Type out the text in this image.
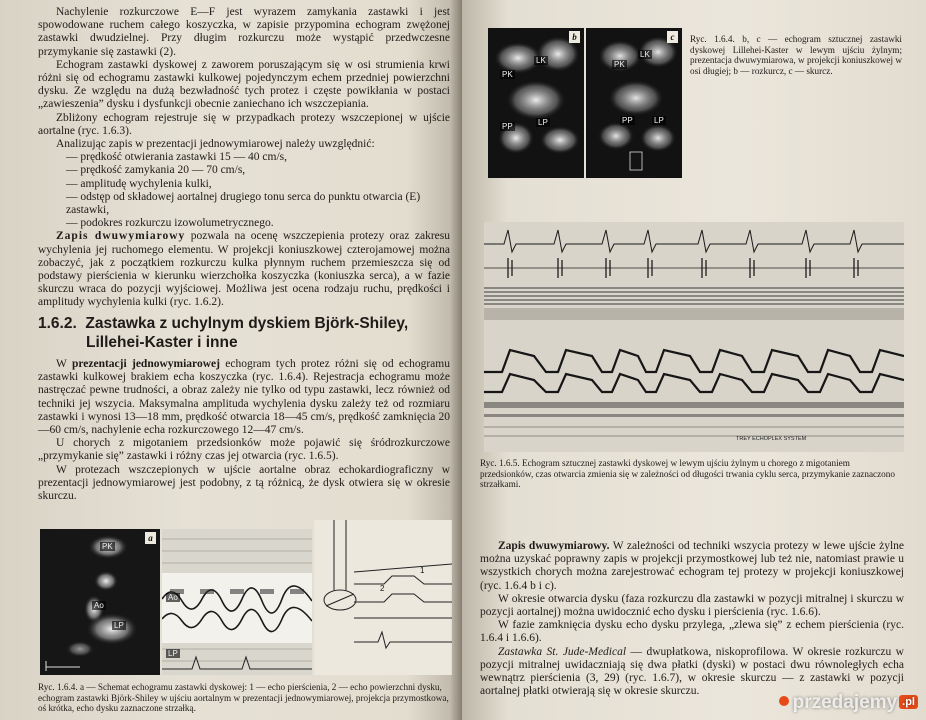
Nachylenie rozkurczowe E—F jest wyrazem zamykania zastawki i jest spowodowane ruchem całego koszyczka, w zapisie przypomina echogram zwężonej zastawki dwudzielnej. Przy długim rozkurczu może wystąpić przedwczesne przymykanie się zastawki (2).

Echogram zastawki dyskowej z zaworem poruszającym się w osi strumienia krwi różni się od echogramu zastawki kulkowej pojedynczym echem przedniej powierzchni dysku. Ze względu na dużą bezwładność tych protez i częste powikłania w postaci „zawieszenia” dysku i dysfunkcji obecnie zaniechano ich wszczepiania.

Zbliżony echogram rejestruje się w przypadkach protezy wszczepionej w ujście aortalne (ryc. 1.6.3).

Analizując zapis w prezentacji jednowymiarowej należy uwzględnić:

— prędkość otwierania zastawki 15 — 40 cm/s,
— prędkość zamykania 20 — 70 cm/s,
— amplitudę wychylenia kulki,
— odstęp od składowej aortalnej drugiego tonu serca do punktu otwarcia (E) zastawki,
— podokres rozkurczu izowolumetrycznego.

Zapis dwuwymiarowy pozwala na ocenę wszczepienia protezy oraz zakresu wychylenia jej ruchomego elementu. W projekcji koniuszkowej czterojamowej można zobaczyć, jak z początkiem rozkurczu kulka płynnym ruchem przemieszcza się od podstawy pierścienia w kierunku wierzchołka koszyczka (koniuszka serca), a w fazie skurczu wraca do pozycji wyjściowej. Możliwa jest ocena rodzaju ruchu, prędkości i amplitudy wychylenia kulki (ryc. 1.6.2).

1.6.2. Zastawka z uchylnym dyskiem Björk-Shiley,

Lillehei-Kaster i inne

W prezentacji jednowymiarowej echogram tych protez różni się od echogramu zastawki kulkowej brakiem echa koszyczka (ryc. 1.6.4). Rejestracja echogramu może nastręczać pewne trudności, a obraz zależy nie tylko od typu zastawki, lecz również od techniki jej wszycia. Maksymalna amplituda wychylenia dysku zależy też od rozmiaru zastawki i wynosi 13—18 mm, prędkość otwarcia 18—45 cm/s, prędkość zamknięcia 20—60 cm/s, nachylenie echa rozkurczowego 12—47 cm/s.

U chorych z migotaniem przedsionków może pojawić się śródrozkurczowe „przymykanie się” zastawki i różny czas jej otwarcia (ryc. 1.6.5).

W protezach wszczepionych w ujście aortalne obraz echokardiograficzny w prezentacji jednowymiarowej jest podobny, z tą różnicą, że dysk otwiera się w okresie skurczu.

PK
Ao
LP
a
Ao
LP
1
2

Ryc. 1.6.4. a — Schemat echogramu zastawki dyskowej: 1 — echo pierścienia, 2 — echo powierzchni dysku, echogram zastawki Björk-Shiley w ujściu aortalnym w prezentacji jednowymiarowej, projekcja przymostkowa, oś krótka, echo dysku zaznaczone strzałką.

LK
PK
PP	LP
b
LK
PK
PP	LP
c	Ryc. 1.6.4. b, c — echogram sztucznej zastawki dyskowej Lillehei-Kaster w lewym ujściu żylnym; prezentacja dwuwymiarowa, w projekcji koniuszkowej w osi długiej; b — rozkurcz, c — skurcz.

TREY ECHOPLEX SYSTEM

Ryc. 1.6.5. Echogram sztucznej zastawki dyskowej w lewym ujściu żylnym u chorego z migotaniem przedsionków, czas otwarcia zmienia się w zależności od długości trwania cyklu serca, przymykanie zaznaczono strzałkami.

Zapis dwuwymiarowy. W zależności od techniki wszycia protezy w lewe ujście żylne można uzyskać poprawny zapis w projekcji przymostkowej lub też nie, natomiast prawie u wszystkich chorych można zarejestrować echogram tej protezy w projekcji koniuszkowej (ryc. 1.6.4 b i c).

W okresie otwarcia dysku (faza rozkurczu dla zastawki w pozycji mitralnej i skurczu w pozycji aortalnej) można uwidocznić echo dysku i pierścienia (ryc. 1.6.6).

W fazie zamknięcia dysku echo dysku przylega, „zlewa się” z echem pierścienia (ryc. 1.6.4 i 1.6.6).

Zastawka St. Jude-Medical — dwupłatkowa, niskoprofilowa. W okresie rozkurczu w pozycji mitralnej uwidaczniają się dwa płatki (dyski) w postaci dwu równoległych echa wewnątrz pierścienia (3, 29) (ryc. 1.6.7), w okresie skurczu — z zastawki w pozycji aortalnej płatki otwierają się w okresie skurczu.

przedajemy .pl
